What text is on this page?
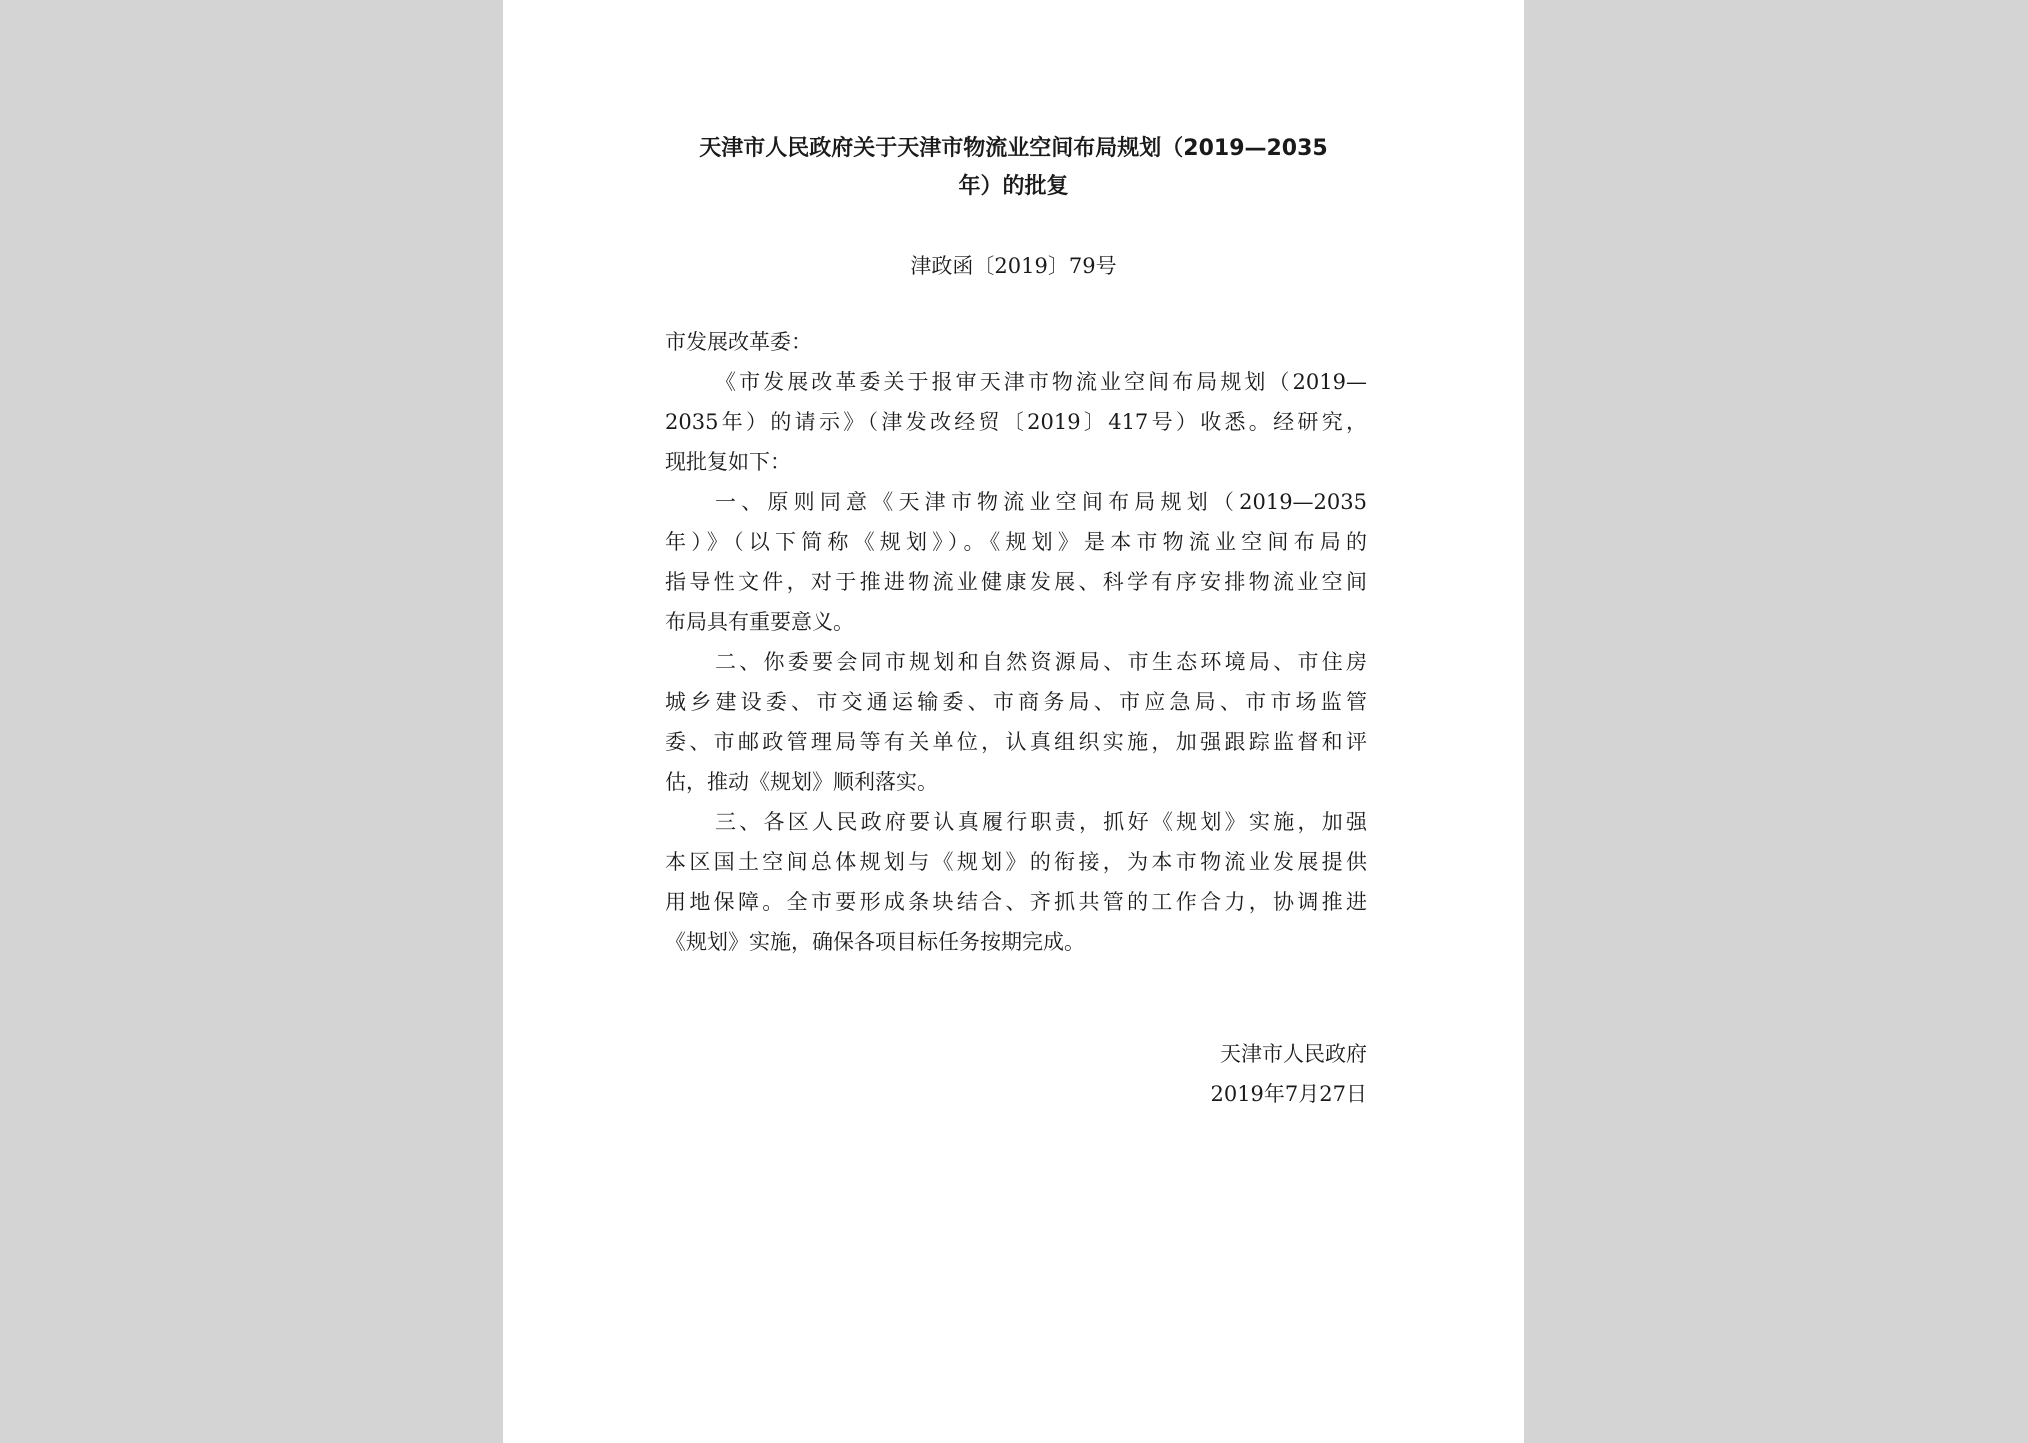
天津市人民政府关于天津市物流业空间布局规划（2019—2035
年）的批复
津政函〔2019〕79号
市发展改革委：
《市发展改革委关于报审天津市物流业空间布局规划（2019—
2035年）的请示》（津发改经贸〔2019〕417号）收悉。经研究，
现批复如下：
一、原则同意《天津市物流业空间布局规划（2019—2035
年）》（以下简称《规划》）。《规划》是本市物流业空间布局的
指导性文件，对于推进物流业健康发展、科学有序安排物流业空间
布局具有重要意义。
二、你委要会同市规划和自然资源局、市生态环境局、市住房
城乡建设委、市交通运输委、市商务局、市应急局、市市场监管
委、市邮政管理局等有关单位，认真组织实施，加强跟踪监督和评
估，推动《规划》顺利落实。
三、各区人民政府要认真履行职责，抓好《规划》实施，加强
本区国土空间总体规划与《规划》的衔接，为本市物流业发展提供
用地保障。全市要形成条块结合、齐抓共管的工作合力，协调推进
《规划》实施，确保各项目标任务按期完成。
天津市人民政府
2019年7月27日
